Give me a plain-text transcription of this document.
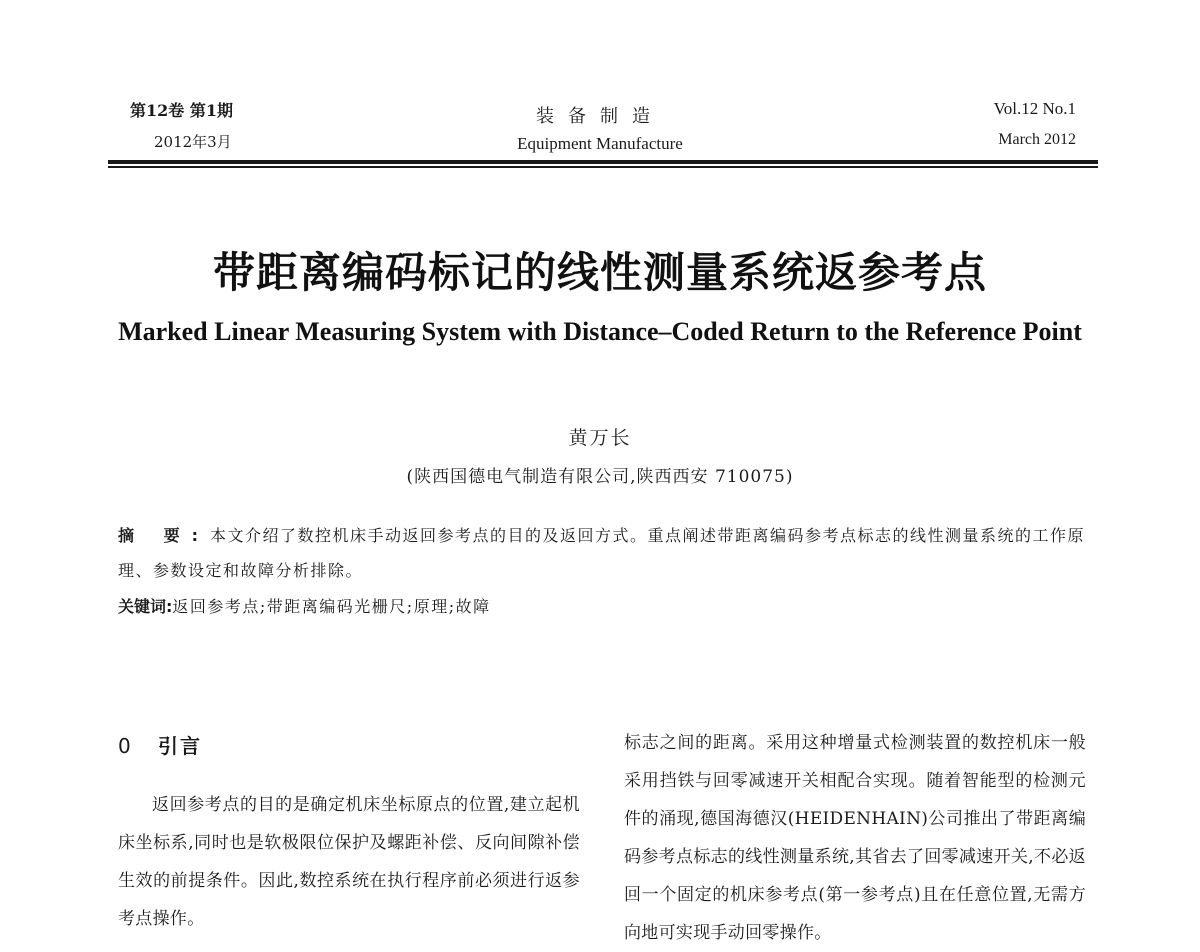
第12卷 第1期
2012年3月
装备制造
Equipment Manufacture
Vol.12 No.1
March 2012
带距离编码标记的线性测量系统返参考点
Marked Linear Measuring System with Distance–Coded Return to the Reference Point
黄万长
(陕西国德电气制造有限公司,陕西西安 710075)
摘 要:本文介绍了数控机床手动返回参考点的目的及返回方式。重点阐述带距离编码参考点标志的线性测量系统的工作原理、参数设定和故障分析排除。
关键词:返回参考点;带距离编码光栅尺;原理;故障
0 引言

返回参考点的目的是确定机床坐标原点的位置,建立起机床坐标系,同时也是软极限位保护及螺距补偿、反向间隙补偿生效的前提条件。因此,数控系统在执行程序前必须进行返参考点操作。

标志之间的距离。采用这种增量式检测装置的数控机床一般采用挡铁与回零减速开关相配合实现。随着智能型的检测元件的涌现,德国海德汉(HEIDENHAIN)公司推出了带距离编码参考点标志的线性测量系统,其省去了回零减速开关,不必返回一个固定的机床参考点(第一参考点)且在任意位置,无需方向地可实现手动回零操作。
